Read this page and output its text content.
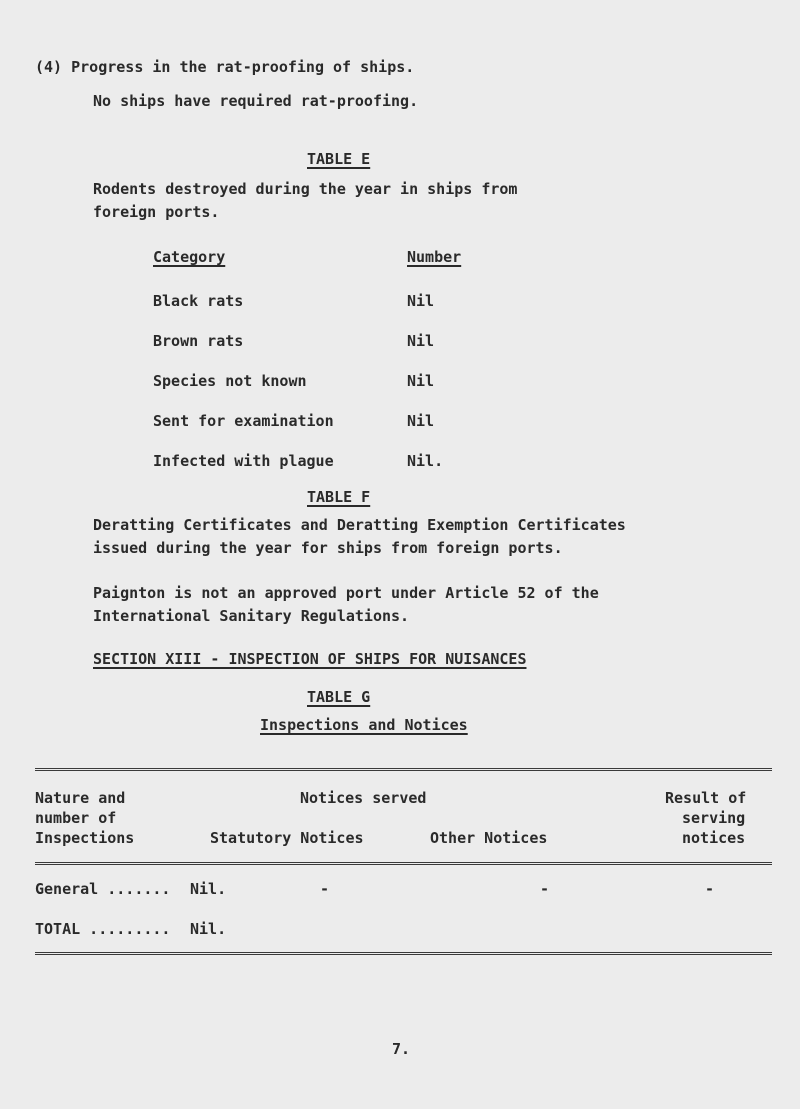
(4) Progress in the rat-proofing of ships.
No ships have required rat-proofing.
TABLE E
Rodents destroyed during the year in ships from
foreign ports.
Category	Number
Black rats	Nil
Brown rats	Nil
Species not known	Nil
Sent for examination	Nil
Infected with plague	Nil.
TABLE F
Deratting Certificates and Deratting Exemption Certificates
issued during the year for ships from foreign ports.
Paignton is not an approved port under Article 52 of the
International Sanitary Regulations.
SECTION XIII - INSPECTION OF SHIPS FOR NUISANCES
TABLE G
Inspections and Notices
Nature and
number of
Inspections
Notices served
Statutory Notices	Other Notices
Result of
serving
notices
General ....... Nil.	-	-	-
TOTAL ......... Nil.
7.
